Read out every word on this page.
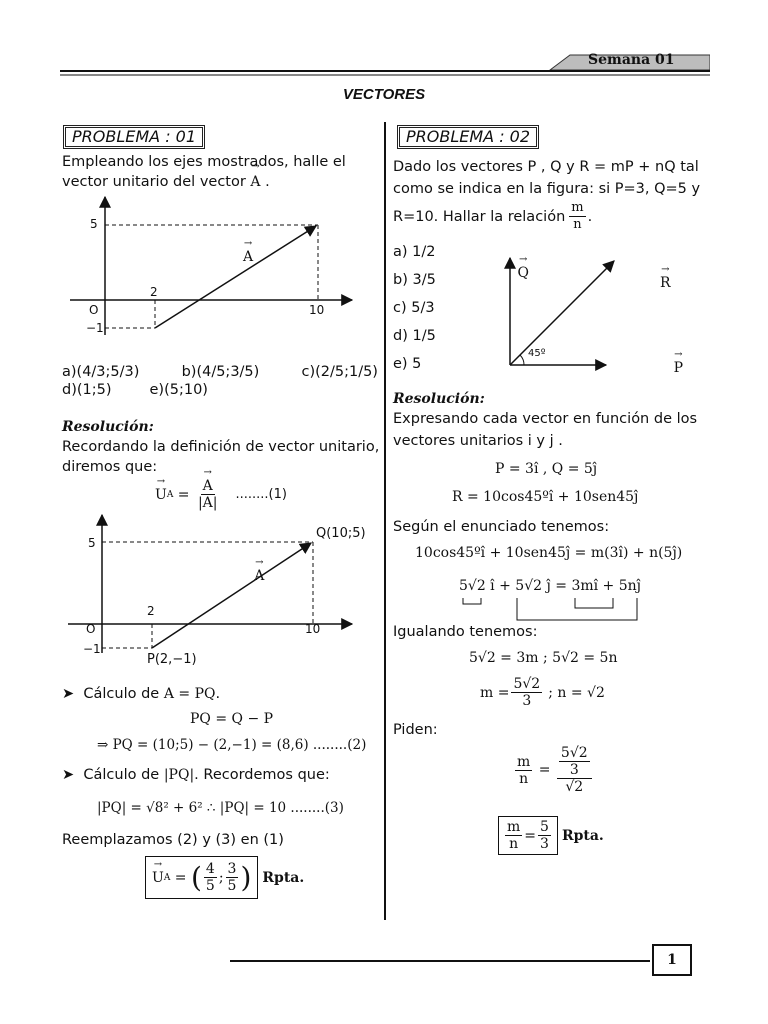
Semana 01
VECTORES
PROBLEMA : 01
Empleando los ejes mostrados, halle el
vector unitario del vector → A .
5
2
O
−1
10
→ A
a)(4/3;5/3)	b)(4/5;3/5)	c)(2/5;1/5)
d)(1;5)	e)(5;10)
Resolución:
Recordando la definición de vector unitario,
diremos que:
→ U A = → $\frac{A}{|A|} ........(1)$
5
2
O
−1
10
→ A
Q(10;5)
P(2,−1)
➤  Cálculo de A = PQ.
PQ = Q − P
⇒ PQ = (10;5) − (2,−1) = (8,6) ........(2)
➤  Cálculo de |PQ|. Recordemos que:
|PQ| = √8² + 6² ∴ |PQ| = 10 ........(3)
Reemplazamos (2) y (3) en (1)
→ U A = ( $\frac{4}{5}$ ; $\frac{3}{5}$ ) Rpta.
PROBLEMA : 02
Dado los vectores P , Q y R = mP + nQ tal
como se indica en la figura: si P=3, Q=5 y
R=10. Hallar la relación $\frac{m}{n}$ .
a) 1/2
b) 3/5
c) 5/3
d) 1/5
e) 5
→ Q → R → P
45º
Resolución:
Expresando cada vector en función de los
vectores unitarios i y j .
P = 3î , Q = 5ĵ
R = 10cos45ºî + 10sen45ĵ
Según el enunciado tenemos:
10cos45ºî + 10sen45ĵ = m(3î) + n(5ĵ)
5√2 î + 5√2 ĵ = 3mî + 5nĵ
Igualando tenemos:
5√2 = 3m ; 5√2 = 5n
$m = \frac{5√2}{3}$ ; n = √2
Piden:
$\frac{m}{n} = 5√2$
3
√2
$\frac{m}{n} = \frac{5}{3}$ Rpta.
1
